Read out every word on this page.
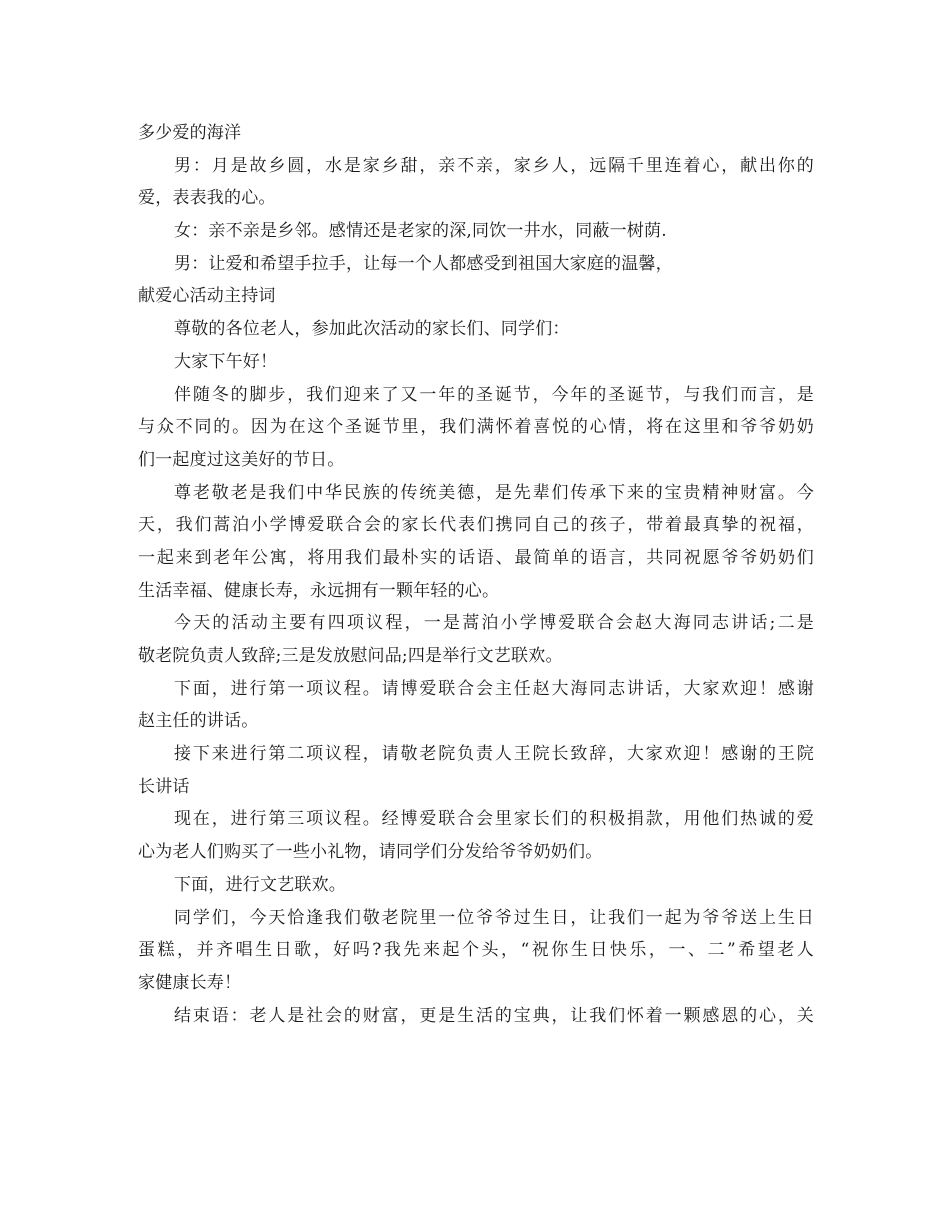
多少爱的海洋
男：月是故乡圆，水是家乡甜，亲不亲，家乡人，远隔千里连着心，献出你的
爱，表表我的心。
女：亲不亲是乡邻。感情还是老家的深,同饮一井水，同蔽一树荫.
男：让爱和希望手拉手，让每一个人都感受到祖国大家庭的温馨，
献爱心活动主持词
尊敬的各位老人，参加此次活动的家长们、同学们：
大家下午好！
伴随冬的脚步，我们迎来了又一年的圣诞节，今年的圣诞节，与我们而言，是
与众不同的。因为在这个圣诞节里，我们满怀着喜悦的心情，将在这里和爷爷奶奶
们一起度过这美好的节日。
尊老敬老是我们中华民族的传统美德，是先辈们传承下来的宝贵精神财富。今
天，我们蒿泊小学博爱联合会的家长代表们携同自己的孩子，带着最真挚的祝福，
一起来到老年公寓，将用我们最朴实的话语、最简单的语言，共同祝愿爷爷奶奶们
生活幸福、健康长寿，永远拥有一颗年轻的心。
今天的活动主要有四项议程，一是蒿泊小学博爱联合会赵大海同志讲话;二是
敬老院负责人致辞;三是发放慰问品;四是举行文艺联欢。
下面，进行第一项议程。请博爱联合会主任赵大海同志讲话，大家欢迎！感谢
赵主任的讲话。
接下来进行第二项议程，请敬老院负责人王院长致辞，大家欢迎！感谢的王院
长讲话
现在，进行第三项议程。经博爱联合会里家长们的积极捐款，用他们热诚的爱
心为老人们购买了一些小礼物，请同学们分发给爷爷奶奶们。
下面，进行文艺联欢。
同学们，今天恰逢我们敬老院里一位爷爷过生日，让我们一起为爷爷送上生日
蛋糕，并齐唱生日歌，好吗?我先来起个头，“祝你生日快乐，一、二”希望老人
家健康长寿！
结束语：老人是社会的财富，更是生活的宝典，让我们怀着一颗感恩的心，关
